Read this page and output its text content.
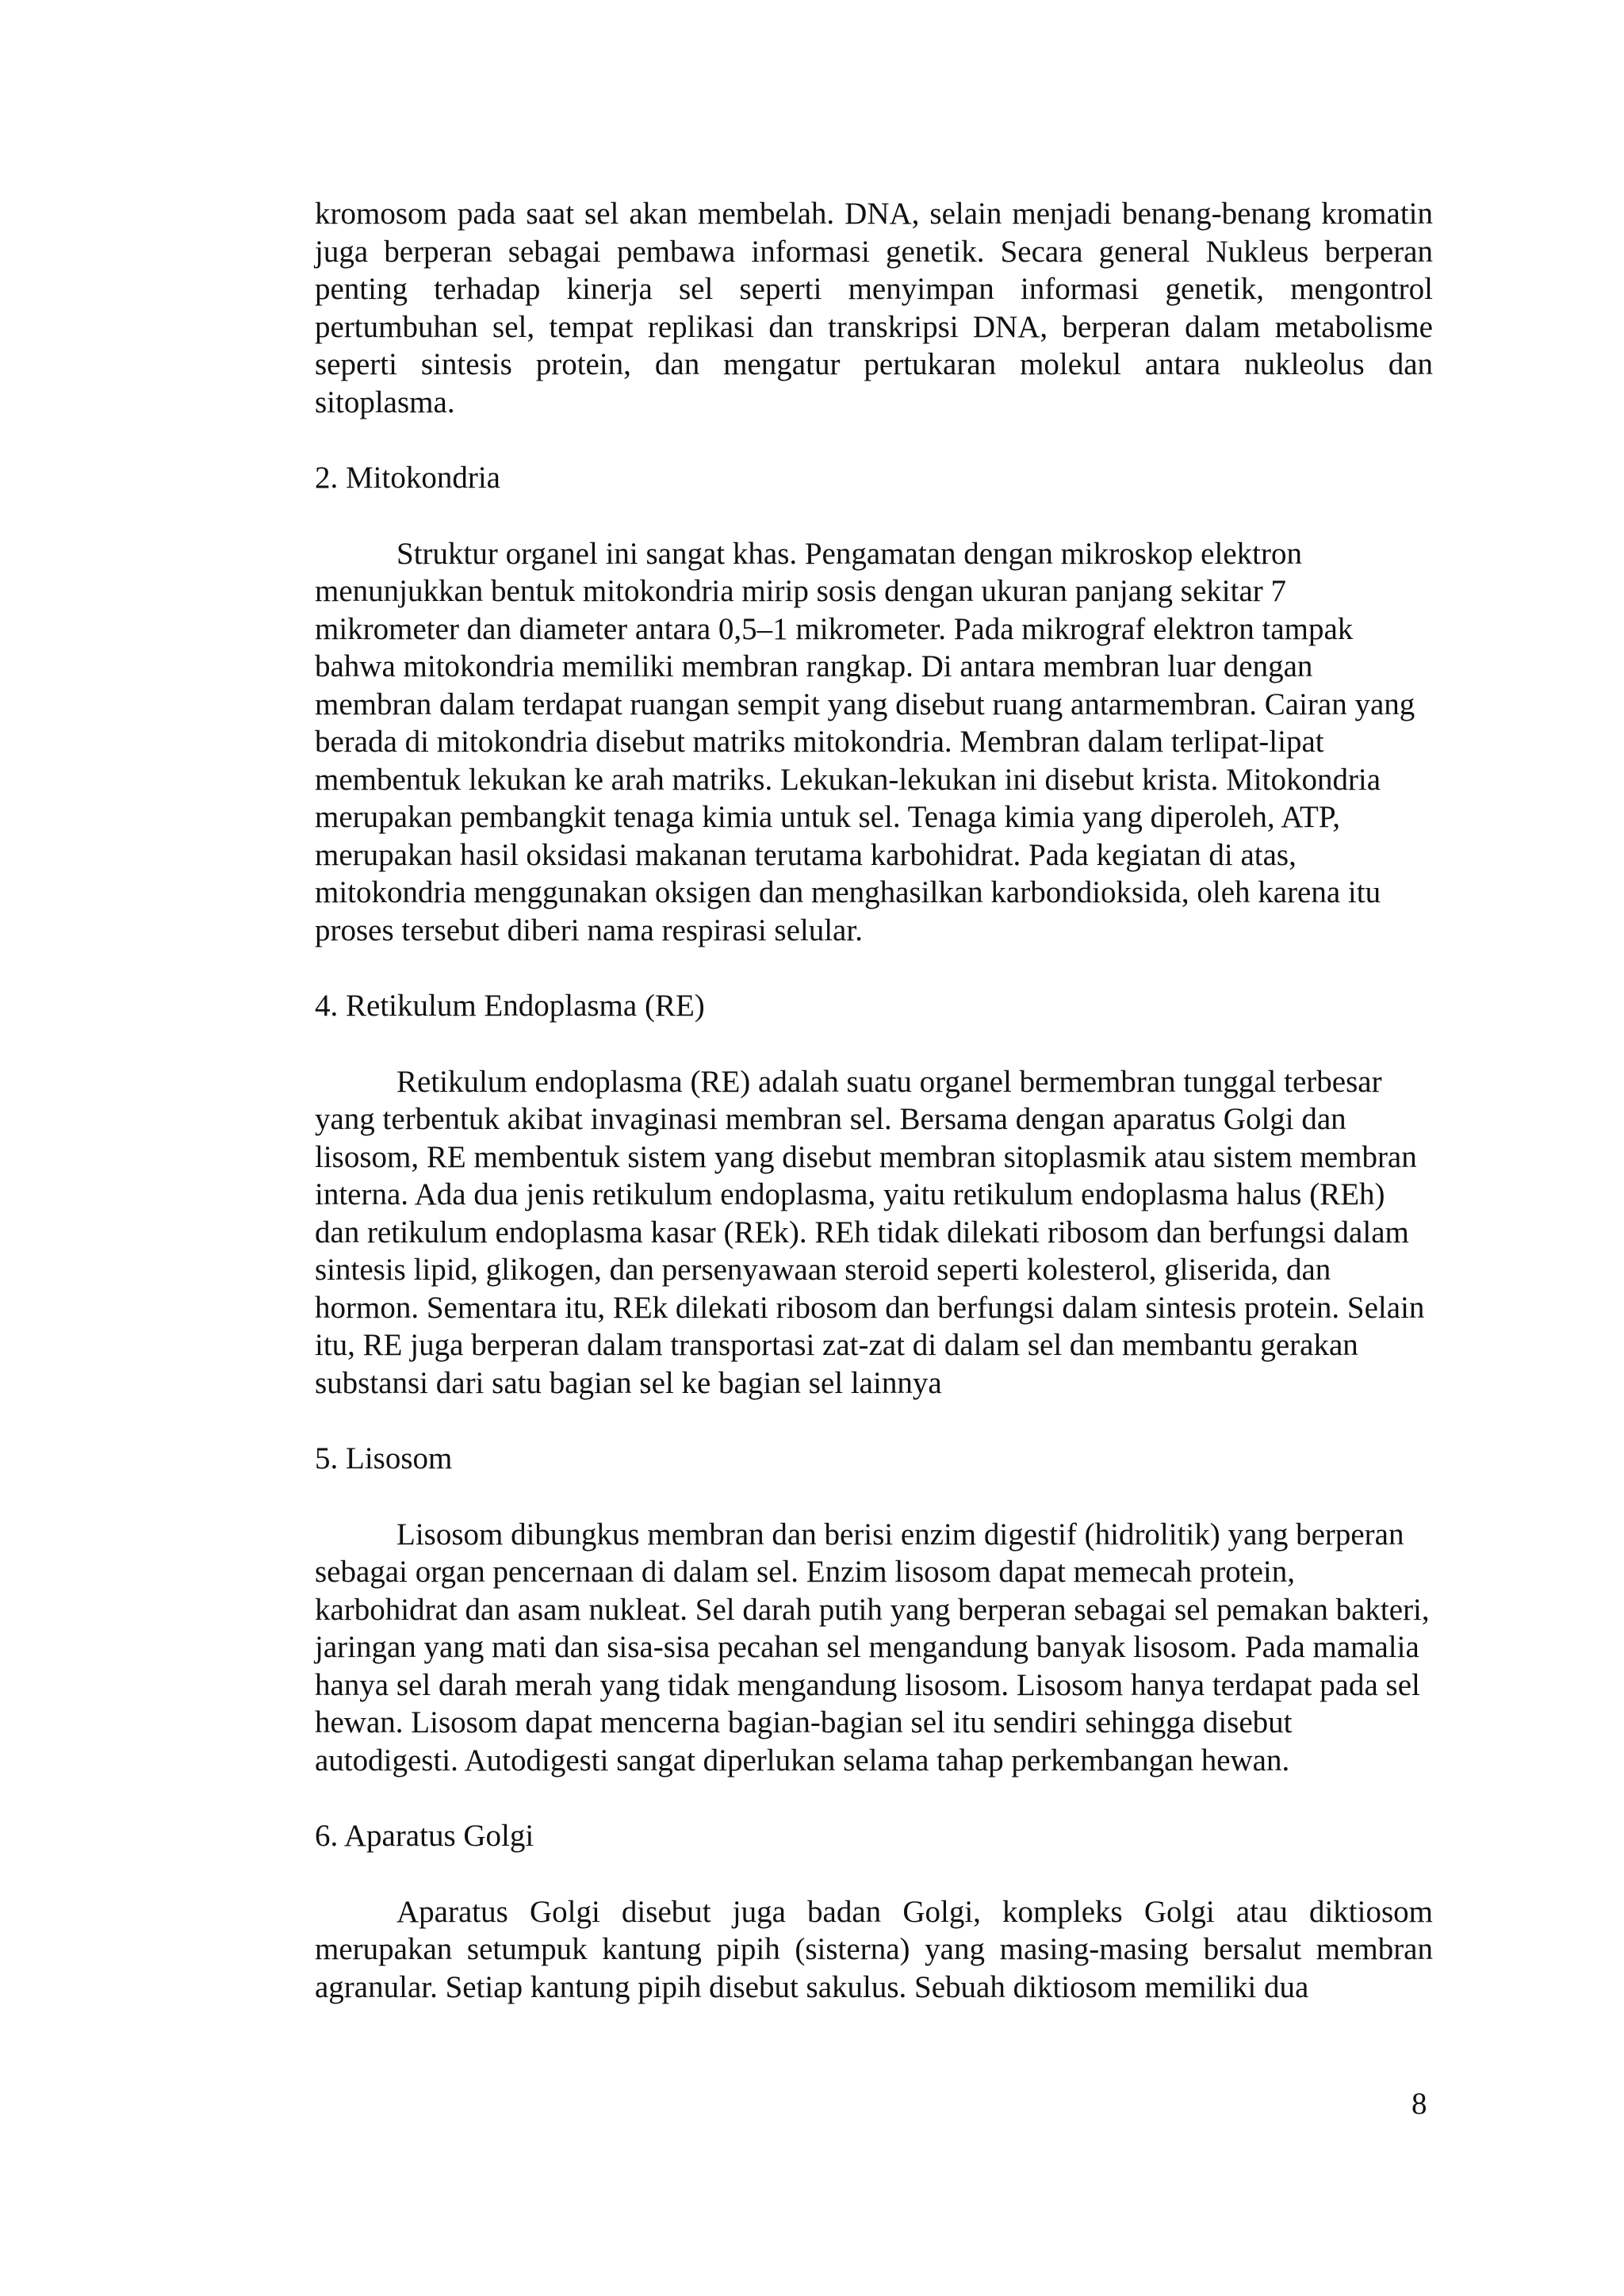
kromosom pada saat sel akan membelah. DNA, selain menjadi benang-benang kromatin juga berperan sebagai pembawa informasi genetik. Secara general Nukleus berperan penting terhadap kinerja sel seperti menyimpan informasi genetik, mengontrol pertumbuhan sel, tempat replikasi dan transkripsi DNA, berperan dalam metabolisme seperti sintesis protein, dan mengatur pertukaran molekul antara nukleolus dan sitoplasma.

2. Mitokondria

Struktur organel ini sangat khas. Pengamatan dengan mikroskop elektron menunjukkan bentuk mitokondria mirip sosis dengan ukuran panjang sekitar 7 mikrometer dan diameter antara 0,5–1 mikrometer. Pada mikrograf elektron tampak bahwa mitokondria memiliki membran rangkap. Di antara membran luar dengan membran dalam terdapat ruangan sempit yang disebut ruang antarmembran. Cairan yang berada di mitokondria disebut matriks mitokondria. Membran dalam terlipat-lipat membentuk lekukan ke arah matriks. Lekukan-lekukan ini disebut krista. Mitokondria merupakan pembangkit tenaga kimia untuk sel. Tenaga kimia yang diperoleh, ATP, merupakan hasil oksidasi makanan terutama karbohidrat. Pada kegiatan di atas, mitokondria menggunakan oksigen dan menghasilkan karbondioksida, oleh karena itu proses tersebut diberi nama respirasi selular.

4. Retikulum Endoplasma (RE)

Retikulum endoplasma (RE) adalah suatu organel bermembran tunggal terbesar yang terbentuk akibat invaginasi membran sel. Bersama dengan aparatus Golgi dan lisosom, RE membentuk sistem yang disebut membran sitoplasmik atau sistem membran interna. Ada dua jenis retikulum endoplasma, yaitu retikulum endoplasma halus (REh) dan retikulum endoplasma kasar (REk). REh tidak dilekati ribosom dan berfungsi dalam sintesis lipid, glikogen, dan persenyawaan steroid seperti kolesterol, gliserida, dan hormon. Sementara itu, REk dilekati ribosom dan berfungsi dalam sintesis protein. Selain itu, RE juga berperan dalam transportasi zat-zat di dalam sel dan membantu gerakan substansi dari satu bagian sel ke bagian sel lainnya

5. Lisosom

Lisosom dibungkus membran dan berisi enzim digestif (hidrolitik) yang berperan sebagai organ pencernaan di dalam sel. Enzim lisosom dapat memecah protein, karbohidrat dan asam nukleat. Sel darah putih yang berperan sebagai sel pemakan bakteri, jaringan yang mati dan sisa-sisa pecahan sel mengandung banyak lisosom. Pada mamalia hanya sel darah merah yang tidak mengandung lisosom. Lisosom hanya terdapat pada sel hewan. Lisosom dapat mencerna bagian-bagian sel itu sendiri sehingga disebut autodigesti. Autodigesti sangat diperlukan selama tahap perkembangan hewan.

6. Aparatus Golgi

Aparatus Golgi disebut juga badan Golgi, kompleks Golgi atau diktiosom merupakan setumpuk kantung pipih (sisterna) yang masing-masing bersalut membran agranular. Setiap kantung pipih disebut sakulus. Sebuah diktiosom memiliki dua

8
